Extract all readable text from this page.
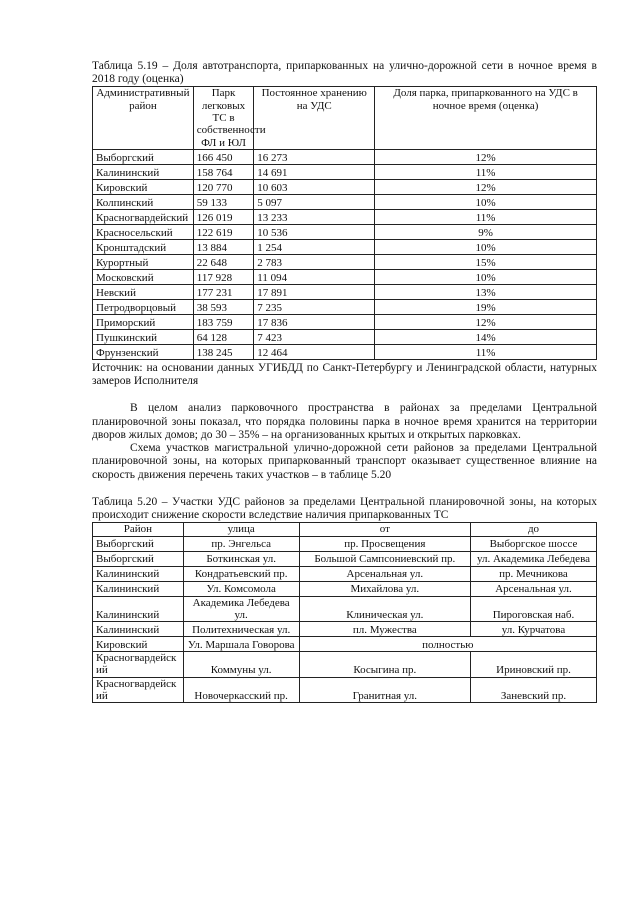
Таблица 5.19 – Доля автотранспорта, припаркованных на улично-дорожной сети в ночное время в 2018 году (оценка)

Административный район	Парк легковых ТС в собственности ФЛ и ЮЛ	Постоянное хранению на УДС	Доля парка, припаркованного на УДС в ночное время (оценка)
Выборгский	166 450	16 273	12%
Калининский	158 764	14 691	11%
Кировский	120 770	10 603	12%
Колпинский	59 133	5 097	10%
Красногвардейский	126 019	13 233	11%
Красносельский	122 619	10 536	9%
Кронштадский	13 884	1 254	10%
Курортный	22 648	2 783	15%
Московский	117 928	11 094	10%
Невский	177 231	17 891	13%
Петродворцовый	38 593	7 235	19%
Приморский	183 759	17 836	12%
Пушкинский	64 128	7 423	14%
Фрунзенский	138 245	12 464	11%

Источник: на основании данных УГИБДД по Санкт-Петербургу и Ленинградской области, натурных замеров Исполнителя

В целом анализ парковочного пространства в районах за пределами Центральной планировочной зоны показал, что порядка половины парка в ночное время хранится на территории дворов жилых домов; до 30 – 35% – на организованных крытых и открытых парковках.

Схема участков магистральной улично-дорожной сети районов за пределами Центральной планировочной зоны, на которых припаркованный транспорт оказывает существенное влияние на скорость движения перечень таких участков – в таблице 5.20

Таблица 5.20 – Участки УДС районов за пределами Центральной планировочной зоны, на которых происходит снижение скорости вследствие наличия припаркованных ТС

Район	улица	от	до
Выборгский	пр. Энгельса	пр. Просвещения	Выборгское шоссе
Выборгский	Боткинская ул.	Большой Сампсониевский пр.	ул. Академика Лебедева
Калининский	Кондратьевский пр.	Арсенальная ул.	пр. Мечникова
Калининский	Ул. Комсомола	Михайлова ул.	Арсенальная ул.
Калининский	Академика Лебедева ул.	Клиническая ул.	Пироговская наб.
Калининский	Политехническая ул.	пл. Мужества	ул. Курчатова
Кировский	Ул. Маршала Говорова	полностью	
Красногвардейский	Коммуны ул.	Косыгина пр.	Ириновский пр.
Красногвардейский	Новочеркасский пр.	Гранитная ул.	Заневский пр.
